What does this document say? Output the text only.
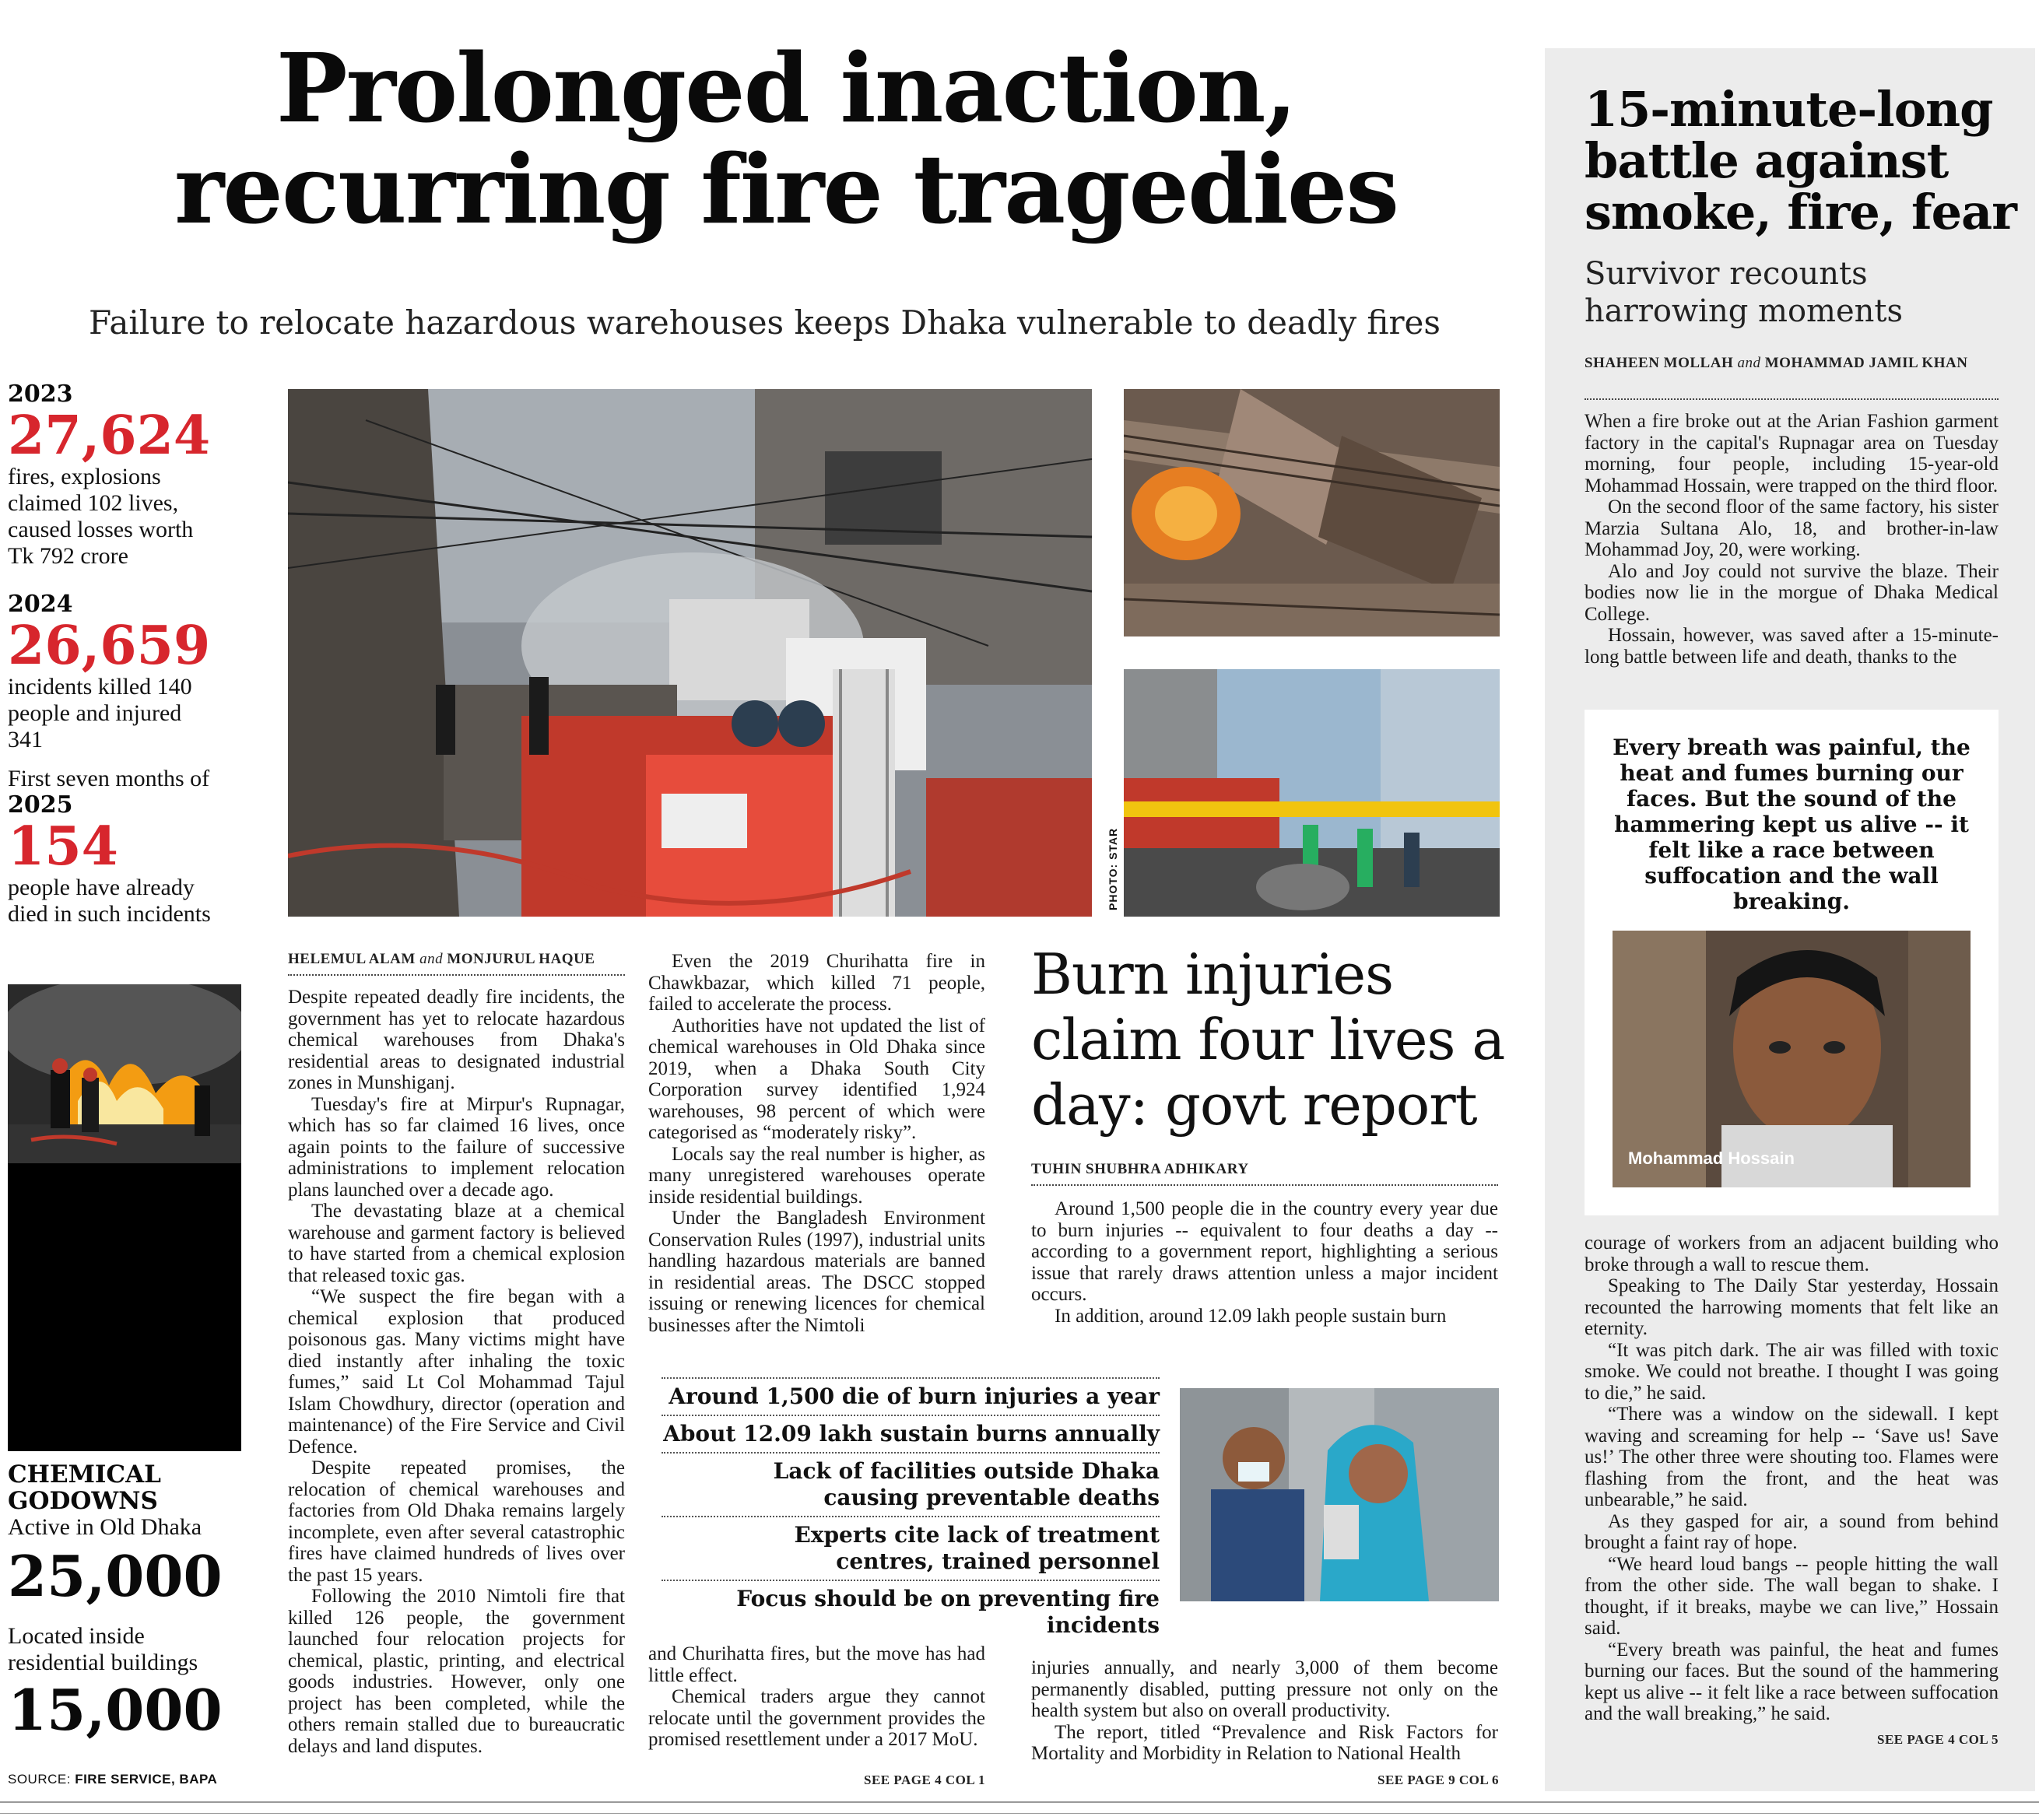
Prolonged inaction,
recurring fire tragedies
Failure to relocate hazardous warehouses keeps Dhaka vulnerable to deadly fires
2023
27,624
fires, explosions
claimed 102 lives,
caused losses worth
Tk 792 crore
2024
26,659
incidents killed 140
people and injured
341
First seven months of
2025
154
people have already
died in such incidents
CHEMICAL
GODOWNS
Active in Old Dhaka
25,000
Located inside
residential buildings
15,000
SOURCE: FIRE SERVICE, BAPA
PHOTO: STAR
HELEMUL ALAM and MONJURUL HAQUE

Despite repeated deadly fire incidents, the government has yet to relocate hazardous chemical warehouses from Dhaka's residential areas to designated industrial zones in Munshiganj.

Tuesday's fire at Mirpur's Rupnagar, which has so far claimed 16 lives, once again points to the failure of successive administrations to implement relocation plans launched over a decade ago.

The devastating blaze at a chemical warehouse and garment factory is believed to have started from a chemical explosion that released toxic gas.

“We suspect the fire began with a chemical explosion that produced poisonous gas. Many victims might have died instantly after inhaling the toxic fumes,” said Lt Col Mohammad Tajul Islam Chowdhury, director (operation and maintenance) of the Fire Service and Civil Defence.

Despite repeated promises, the relocation of chemical warehouses and factories from Old Dhaka remains largely incomplete, even after several catastrophic fires have claimed hundreds of lives over the past 15 years.

Following the 2010 Nimtoli fire that killed 126 people, the government launched four relocation projects for chemical, plastic, printing, and electrical goods industries. However, only one project has been completed, while the others remain stalled due to bureaucratic delays and land disputes.

Even the 2019 Churihatta fire in Chawkbazar, which killed 71 people, failed to accelerate the process.

Authorities have not updated the list of chemical warehouses in Old Dhaka since 2019, when a Dhaka South City Corporation survey identified 1,924 warehouses, 98 percent of which were categorised as “moderately risky”.

Locals say the real number is higher, as many unregistered warehouses operate inside residential buildings.

Under the Bangladesh Environment Conservation Rules (1997), industrial units handling hazardous materials are banned in residential areas. The DSCC stopped issuing or renewing licences for chemical businesses after the Nimtoli

and Churihatta fires, but the move has had little effect.

Chemical traders argue they cannot relocate until the government provides the promised resettlement under a 2017 MoU.

SEE PAGE 4 COL 1
Burn injuries
claim four lives a
day: govt report
TUHIN SHUBHRA ADHIKARY

Around 1,500 people die in the country every year due to burn injuries -- equivalent to four deaths a day -- according to a government report, highlighting a serious issue that rarely draws attention unless a major incident occurs.

In addition, around 12.09 lakh people sustain burn

Around 1,500 die of burn injuries a year
About 12.09 lakh sustain burns annually
Lack of facilities outside Dhaka causing preventable deaths
Experts cite lack of treatment centres, trained personnel
Focus should be on preventing fire incidents

injuries annually, and nearly 3,000 of them become permanently disabled, putting pressure not only on the health system but also on overall productivity.

The report, titled “Prevalence and Risk Factors for Mortality and Morbidity in Relation to National Health

SEE PAGE 9 COL 6
15-minute-long
battle against
smoke, fire, fear
Survivor recounts
harrowing moments
SHAHEEN MOLLAH and MOHAMMAD JAMIL KHAN

When a fire broke out at the Arian Fashion garment factory in the capital's Rupnagar area on Tuesday morning, four people, including 15-year-old Mohammad Hossain, were trapped on the third floor.

On the second floor of the same factory, his sister Marzia Sultana Alo, 18, and brother-in-law Mohammad Joy, 20, were working.

Alo and Joy could not survive the blaze. Their bodies now lie in the morgue of Dhaka Medical College.

Hossain, however, was saved after a 15-minute-long battle between life and death, thanks to the

Every breath was painful, the heat and fumes burning our faces. But the sound of the hammering kept us alive -- it felt like a race between suffocation and the wall breaking.
Mohammad Hossain

courage of workers from an adjacent building who broke through a wall to rescue them.

Speaking to The Daily Star yesterday, Hossain recounted the harrowing moments that felt like an eternity.

“It was pitch dark. The air was filled with toxic smoke. We could not breathe. I thought I was going to die,” he said.

“There was a window on the sidewall. I kept waving and screaming for help -- ‘Save us! Save us!’ The other three were shouting too. Flames were flashing from the front, and the heat was unbearable,” he said.

As they gasped for air, a sound from behind brought a faint ray of hope.

“We heard loud bangs -- people hitting the wall from the other side. The wall began to shake. I thought, if it breaks, maybe we can live,” Hossain said.

“Every breath was painful, the heat and fumes burning our faces. But the sound of the hammering kept us alive -- it felt like a race between suffocation and the wall breaking,” he said.

SEE PAGE 4 COL 5
